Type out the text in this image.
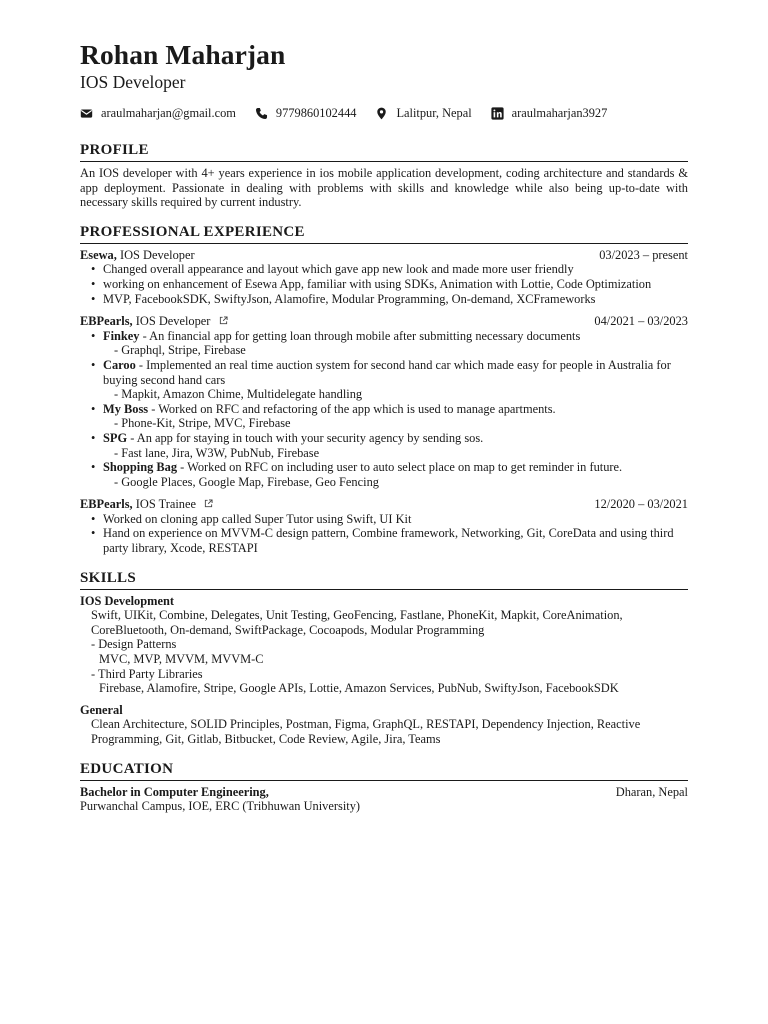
Rohan Maharjan
IOS Developer
araulmaharjan@gmail.com	9779860102444	Lalitpur, Nepal	araulmaharjan3927
PROFILE
An IOS developer with 4+ years experience in ios mobile application development, coding architecture and standards & app deployment. Passionate in dealing with problems with skills and knowledge while also being up-to-date with necessary skills required by current industry.
PROFESSIONAL EXPERIENCE
Esewa, IOS Developer	03/2023 – present
• Changed overall appearance and layout which gave app new look and made more user friendly
• working on enhancement of Esewa App, familiar with using SDKs, Animation with Lottie, Code Optimization
• MVP, FacebookSDK, SwiftyJson, Alamofire, Modular Programming, On-demand, XCFrameworks
EBPearls, IOS Developer	04/2021 – 03/2023
• Finkey - An financial app for getting loan through mobile after submitting necessary documents
- Graphql, Stripe, Firebase
• Caroo - Implemented an real time auction system for second hand car which made easy for people in Australia for buying second hand cars
- Mapkit, Amazon Chime, Multidelegate handling
• My Boss - Worked on RFC and refactoring of the app which is used to manage apartments.
- Phone-Kit, Stripe, MVC, Firebase
• SPG - An app for staying in touch with your security agency by sending sos.
- Fast lane, Jira, W3W, PubNub, Firebase
• Shopping Bag - Worked on RFC on including user to auto select place on map to get reminder in future.
- Google Places, Google Map, Firebase, Geo Fencing
EBPearls, IOS Trainee	12/2020 – 03/2021
• Worked on cloning app called Super Tutor using Swift, UI Kit
• Hand on experience on MVVM-C design pattern, Combine framework, Networking, Git, CoreData and using third party library, Xcode, RESTAPI
SKILLS
IOS Development
Swift, UIKit, Combine, Delegates, Unit Testing, GeoFencing, Fastlane, PhoneKit, Mapkit, CoreAnimation, CoreBluetooth, On-demand, SwiftPackage, Cocoapods, Modular Programming
- Design Patterns
MVC, MVP, MVVM, MVVM-C
- Third Party Libraries
Firebase, Alamofire, Stripe, Google APIs, Lottie, Amazon Services, PubNub, SwiftyJson, FacebookSDK
General
Clean Architecture, SOLID Principles, Postman, Figma, GraphQL, RESTAPI, Dependency Injection, Reactive Programming, Git, Gitlab, Bitbucket, Code Review, Agile, Jira, Teams
EDUCATION
Bachelor in Computer Engineering,	Dharan, Nepal
Purwanchal Campus, IOE, ERC (Tribhuwan University)
